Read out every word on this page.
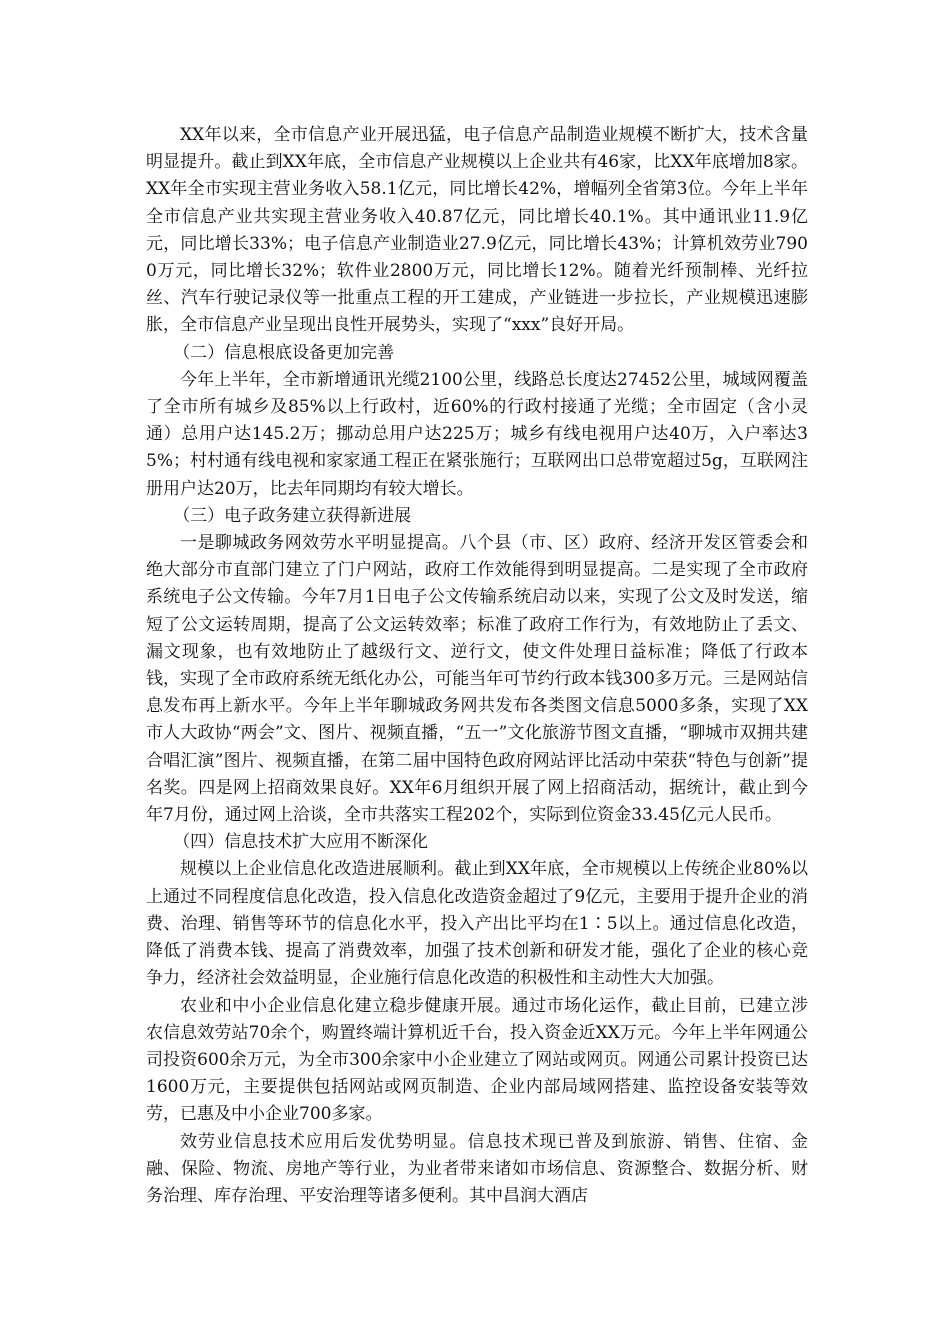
XX年以来，全市信息产业开展迅猛，电子信息产品制造业规模不断扩大，技术含量明显提升。截止到XX年底，全市信息产业规模以上企业共有46家，比XX年底增加8家。XX年全市实现主营业务收入58.1亿元，同比增长42%，增幅列全省第3位。今年上半年全市信息产业共实现主营业务收入40.87亿元，同比增长40.1%。其中通讯业11.9亿元，同比增长33%；电子信息产业制造业27.9亿元，同比增长43%；计算机效劳业7900万元，同比增长32%；软件业2800万元，同比增长12%。随着光纤预制棒、光纤拉丝、汽车行驶记录仪等一批重点工程的开工建成，产业链进一步拉长，产业规模迅速膨胀，全市信息产业呈现出良性开展势头，实现了“xxx”良好开局。

（二）信息根底设备更加完善

今年上半年，全市新增通讯光缆2100公里，线路总长度达27452公里，城域网覆盖了全市所有城乡及85%以上行政村，近60%的行政村接通了光缆；全市固定（含小灵通）总用户达145.2万；挪动总用户达225万；城乡有线电视用户达40万，入户率达35%；村村通有线电视和家家通工程正在紧张施行；互联网出口总带宽超过5g，互联网注册用户达20万，比去年同期均有较大增长。

（三）电子政务建立获得新进展

一是聊城政务网效劳水平明显提高。八个县（市、区）政府、经济开发区管委会和绝大部分市直部门建立了门户网站，政府工作效能得到明显提高。二是实现了全市政府系统电子公文传输。今年7月1日电子公文传输系统启动以来，实现了公文及时发送，缩短了公文运转周期，提高了公文运转效率；标准了政府工作行为，有效地防止了丢文、漏文现象，也有效地防止了越级行文、逆行文，使文件处理日益标准；降低了行政本钱，实现了全市政府系统无纸化办公，可能当年可节约行政本钱300多万元。三是网站信息发布再上新水平。今年上半年聊城政务网共发布各类图文信息5000多条，实现了XX市人大政协“两会”文、图片、视频直播，“五一”文化旅游节图文直播，“聊城市双拥共建合唱汇演”图片、视频直播，在第二届中国特色政府网站评比活动中荣获“特色与创新”提名奖。四是网上招商效果良好。XX年6月组织开展了网上招商活动，据统计，截止到今年7月份，通过网上洽谈，全市共落实工程202个，实际到位资金33.45亿元人民币。

（四）信息技术扩大应用不断深化

规模以上企业信息化改造进展顺利。截止到XX年底，全市规模以上传统企业80%以上通过不同程度信息化改造，投入信息化改造资金超过了9亿元，主要用于提升企业的消费、治理、销售等环节的信息化水平，投入产出比平均在1∶5以上。通过信息化改造，降低了消费本钱、提高了消费效率，加强了技术创新和研发才能，强化了企业的核心竞争力，经济社会效益明显，企业施行信息化改造的积极性和主动性大大加强。

农业和中小企业信息化建立稳步健康开展。通过市场化运作，截止目前，已建立涉农信息效劳站70余个，购置终端计算机近千台，投入资金近XX万元。今年上半年网通公司投资600余万元，为全市300余家中小企业建立了网站或网页。网通公司累计投资已达1600万元，主要提供包括网站或网页制造、企业内部局域网搭建、监控设备安装等效劳，已惠及中小企业700多家。

效劳业信息技术应用后发优势明显。信息技术现已普及到旅游、销售、住宿、金融、保险、物流、房地产等行业，为业者带来诸如市场信息、资源整合、数据分析、财务治理、库存治理、平安治理等诸多便利。其中昌润大酒店
